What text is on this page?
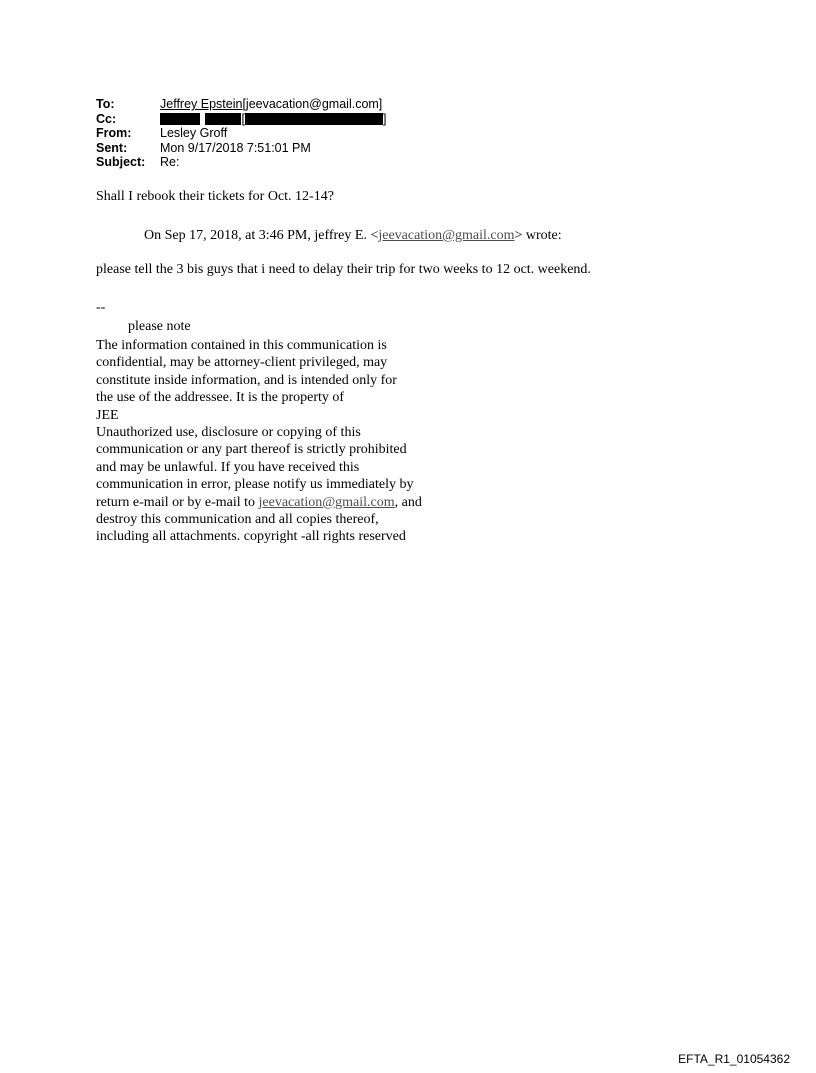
To:	Jeffrey Epstein[jeevacation@gmail.com]
Cc:	[	]
From:	Lesley Groff
Sent:	Mon 9/17/2018 7:51:01 PM
Subject:	Re:
Shall I rebook their tickets for Oct. 12-14?
On Sep 17, 2018, at 3:46 PM, jeffrey E. <jeevacation@gmail.com> wrote:
please tell the 3 bis guys that i need to delay their trip for two weeks to 12 oct. weekend.
--
please note
The information contained in this communication is
confidential, may be attorney-client privileged, may
constitute inside information, and is intended only for
the use of the addressee. It is the property of
JEE
Unauthorized use, disclosure or copying of this
communication or any part thereof is strictly prohibited
and may be unlawful. If you have received this
communication in error, please notify us immediately by
return e-mail or by e-mail to jeevacation@gmail.com, and
destroy this communication and all copies thereof,
including all attachments. copyright -all rights reserved
EFTA_R1_01054362
